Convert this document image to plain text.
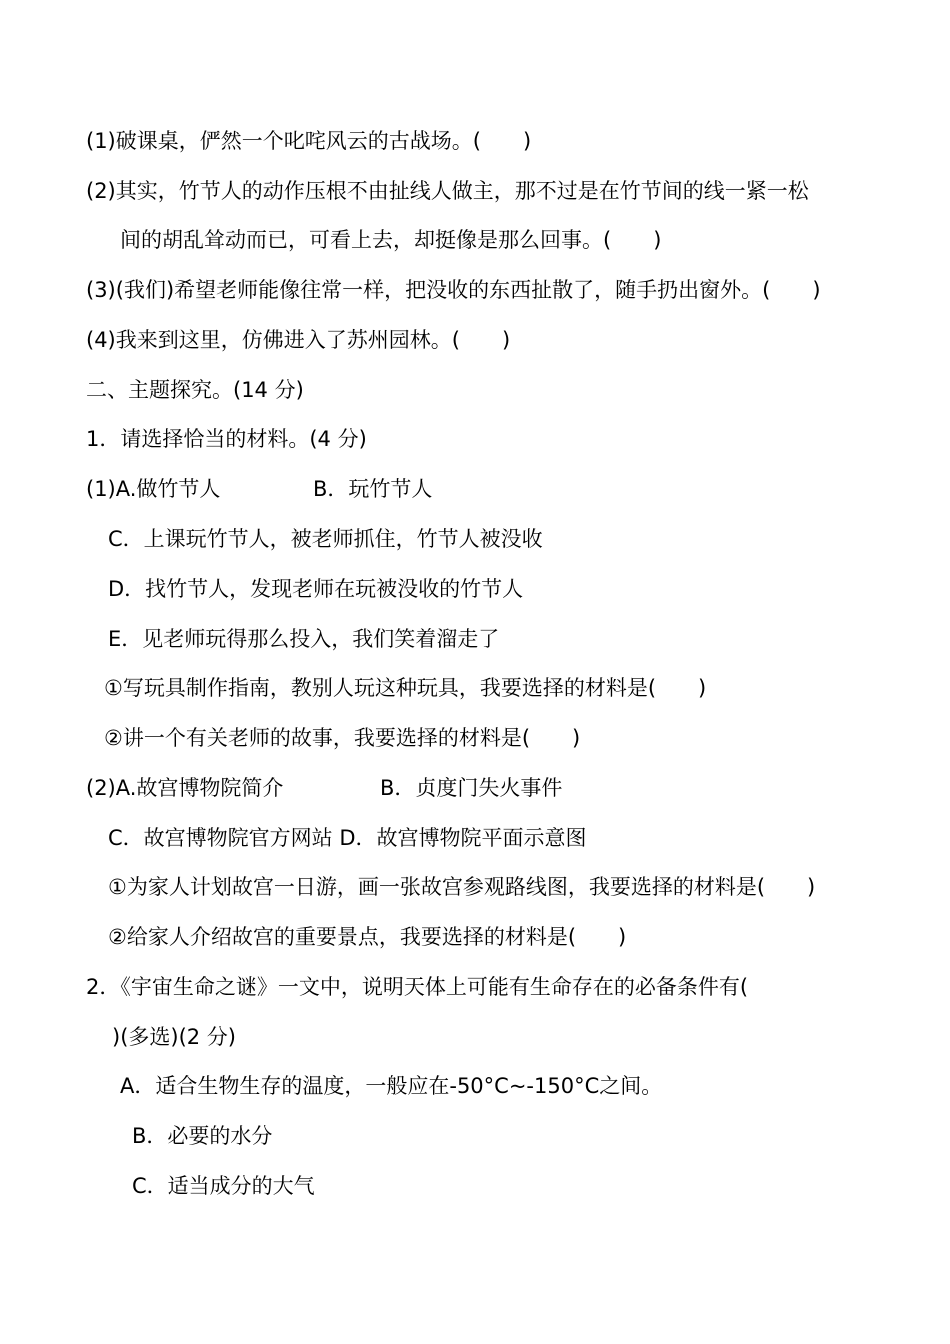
(1)破课桌，俨然一个叱咤风云的古战场。(　　)
(2)其实，竹节人的动作压根不由扯线人做主，那不过是在竹节间的线一紧一松
间的胡乱耸动而已，可看上去，却挺像是那么回事。(　　)
(3)(我们)希望老师能像往常一样，把没收的东西扯散了，随手扔出窗外。(　　)
(4)我来到这里，仿佛进入了苏州园林。(　　)
二、主题探究。(14 分)
1．请选择恰当的材料。(4 分)
(1)A.做竹节人	B．玩竹节人
C．上课玩竹节人，被老师抓住，竹节人被没收
D．找竹节人，发现老师在玩被没收的竹节人
E．见老师玩得那么投入，我们笑着溜走了
①写玩具制作指南，教别人玩这种玩具，我要选择的材料是(　　)
②讲一个有关老师的故事，我要选择的材料是(　　)
(2)A.故宫博物院简介	B．贞度门失火事件
C．故宫博物院官方网站 D．故宫博物院平面示意图
①为家人计划故宫一日游，画一张故宫参观路线图，我要选择的材料是(　　)
②给家人介绍故宫的重要景点，我要选择的材料是(　　)
2．《宇宙生命之谜》一文中，说明天体上可能有生命存在的必备条件有(
)(多选)(2 分)
A．适合生物生存的温度，一般应在-50°C~-150°C之间。
B．必要的水分
C．适当成分的大气
